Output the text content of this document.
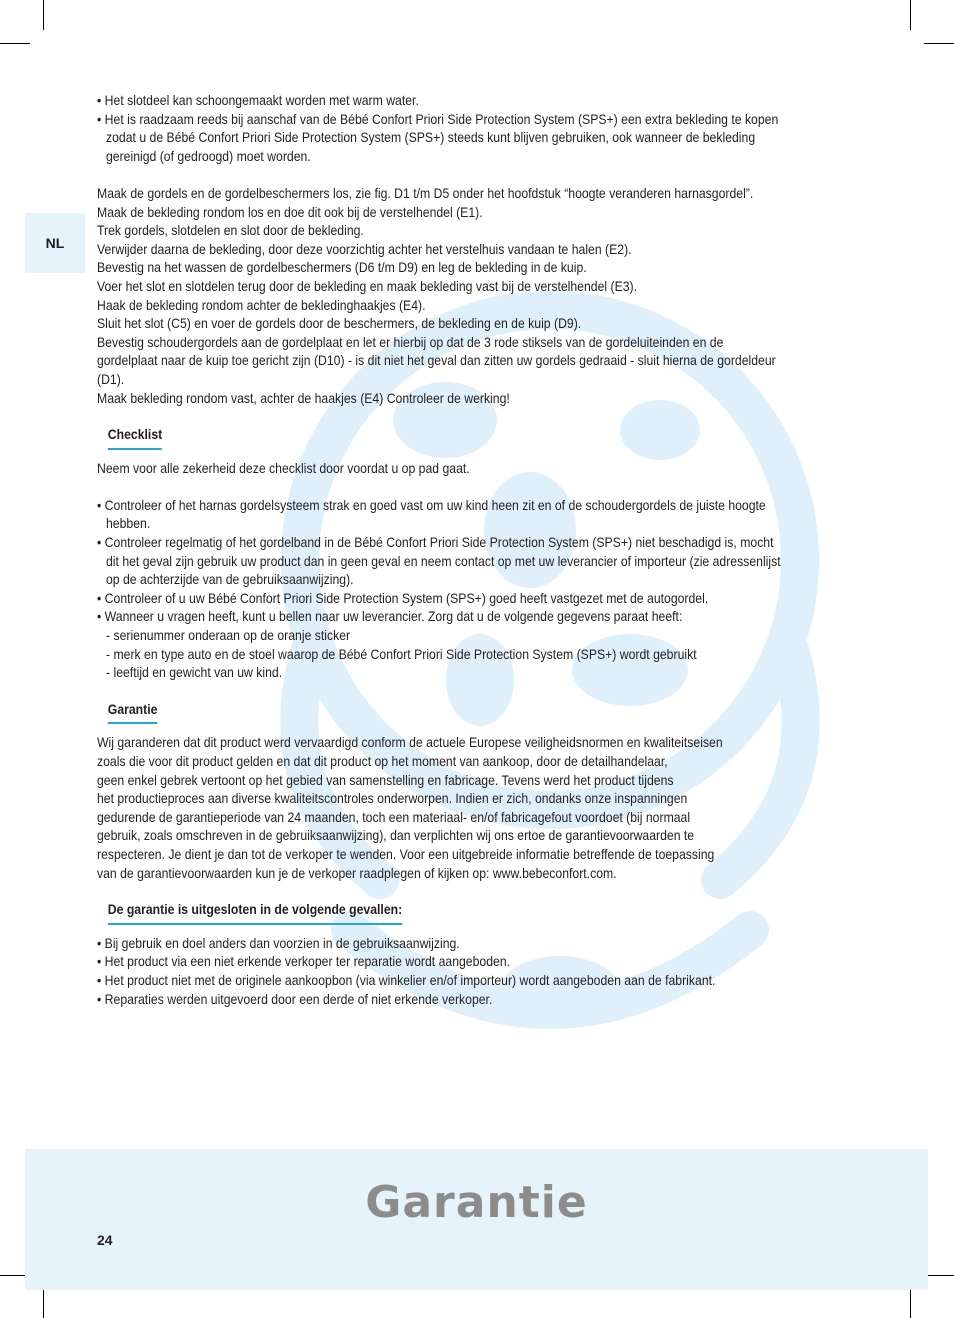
NL

• Het slotdeel kan schoongemaakt worden met warm water.

• Het is raadzaam reeds bij aanschaf van de Bébé Confort Priori Side Protection System (SPS+) een extra bekleding te kopen zodat u de Bébé Confort Priori Side Protection System (SPS+) steeds kunt blijven gebruiken, ook wanneer de bekleding gereinigd (of gedroogd) moet worden.

Maak de gordels en de gordelbeschermers los, zie fig. D1 t/m D5 onder het hoofdstuk “hoogte veranderen harnasgordel”.

Maak de bekleding rondom los en doe dit ook bij de verstelhendel (E1).

Trek gordels, slotdelen en slot door de bekleding.

Verwijder daarna de bekleding, door deze voorzichtig achter het verstelhuis vandaan te halen (E2).

Bevestig na het wassen de gordelbeschermers (D6 t/m D9) en leg de bekleding in de kuip.

Voer het slot en slotdelen terug door de bekleding en maak bekleding vast bij de verstelhendel (E3).

Haak de bekleding rondom achter de bekledinghaakjes (E4).

Sluit het slot (C5) en voer de gordels door de beschermers, de bekleding en de kuip (D9).

Bevestig schoudergordels aan de gordelplaat en let er hierbij op dat de 3 rode stiksels van de gordeluiteinden en de gordelplaat naar de kuip toe gericht zijn (D10) - is dit niet het geval dan zitten uw gordels gedraaid - sluit hierna de gordeldeur (D1).

Maak bekleding rondom vast, achter de haakjes (E4) Controleer de werking!

Checklist

Neem voor alle zekerheid deze checklist door voordat u op pad gaat.

• Controleer of het harnas gordelsysteem strak en goed vast om uw kind heen zit en of de schoudergordels de juiste hoogte hebben.

• Controleer regelmatig of het gordelband in de Bébé Confort Priori Side Protection System (SPS+) niet beschadigd is, mocht dit het geval zijn gebruik uw product dan in geen geval en neem contact op met uw leverancier of importeur (zie adressenlijst op de achterzijde van de gebruiksaanwijzing).

• Controleer of u uw Bébé Confort Priori Side Protection System (SPS+) goed heeft vastgezet met de autogordel.

• Wanneer u vragen heeft, kunt u bellen naar uw leverancier. Zorg dat u de volgende gegevens paraat heeft:

- serienummer onderaan op de oranje sticker

- merk en type auto en de stoel waarop de Bébé Confort Priori Side Protection System (SPS+) wordt gebruikt

- leeftijd en gewicht van uw kind.

Garantie

Wij garanderen dat dit product werd vervaardigd conform de actuele Europese veiligheidsnormen en kwaliteitseisen

zoals die voor dit product gelden en dat dit product op het moment van aankoop, door de detailhandelaar,

geen enkel gebrek vertoont op het gebied van samenstelling en fabricage. Tevens werd het product tijdens

het productieproces aan diverse kwaliteitscontroles onderworpen. Indien er zich, ondanks onze inspanningen

gedurende de garantieperiode van 24 maanden, toch een materiaal- en/of fabricagefout voordoet (bij normaal

gebruik, zoals omschreven in de gebruiksaanwijzing), dan verplichten wij ons ertoe de garantievoorwaarden te

respecteren. Je dient je dan tot de verkoper te wenden. Voor een uitgebreide informatie betreffende de toepassing

van de garantievoorwaarden kun je de verkoper raadplegen of kijken op: www.bebeconfort.com.

De garantie is uitgesloten in de volgende gevallen:

• Bij gebruik en doel anders dan voorzien in de gebruiksaanwijzing.

• Het product via een niet erkende verkoper ter reparatie wordt aangeboden.

• Het product niet met de originele aankoopbon (via winkelier en/of importeur) wordt aangeboden aan de fabrikant.

• Reparaties werden uitgevoerd door een derde of niet erkende verkoper.

Garantie
24
